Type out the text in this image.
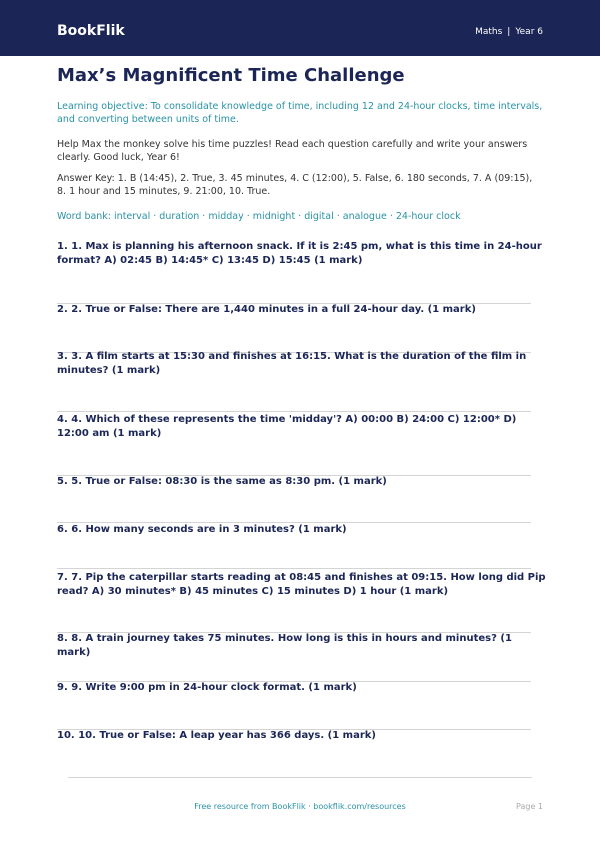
BookFlik	Maths | Year 6
Max’s Magnificent Time Challenge

Learning objective: To consolidate knowledge of time, including 12 and 24-hour clocks, time intervals, and converting between units of time.

Help Max the monkey solve his time puzzles! Read each question carefully and write your answers clearly. Good luck, Year 6!

Answer Key: 1. B (14:45), 2. True, 3. 45 minutes, 4. C (12:00), 5. False, 6. 180 seconds, 7. A (09:15), 8. 1 hour and 15 minutes, 9. 21:00, 10. True.

Word bank: interval · duration · midday · midnight · digital · analogue · 24-hour clock

1. 1. Max is planning his afternoon snack. If it is 2:45 pm, what is this time in 24-hour format? A) 02:45 B) 14:45* C) 13:45 D) 15:45 (1 mark)

2. 2. True or False: There are 1,440 minutes in a full 24-hour day. (1 mark)

3. 3. A film starts at 15:30 and finishes at 16:15. What is the duration of the film in minutes? (1 mark)

4. 4. Which of these represents the time 'midday'? A) 00:00 B) 24:00 C) 12:00* D) 12:00 am (1 mark)

5. 5. True or False: 08:30 is the same as 8:30 pm. (1 mark)

6. 6. How many seconds are in 3 minutes? (1 mark)

7. 7. Pip the caterpillar starts reading at 08:45 and finishes at 09:15. How long did Pip read? A) 30 minutes* B) 45 minutes C) 15 minutes D) 1 hour (1 mark)

8. 8. A train journey takes 75 minutes. How long is this in hours and minutes? (1 mark)

9. 9. Write 9:00 pm in 24-hour clock format. (1 mark)

10. 10. True or False: A leap year has 366 days. (1 mark)

Free resource from BookFlik · bookflik.com/resources	Page 1
